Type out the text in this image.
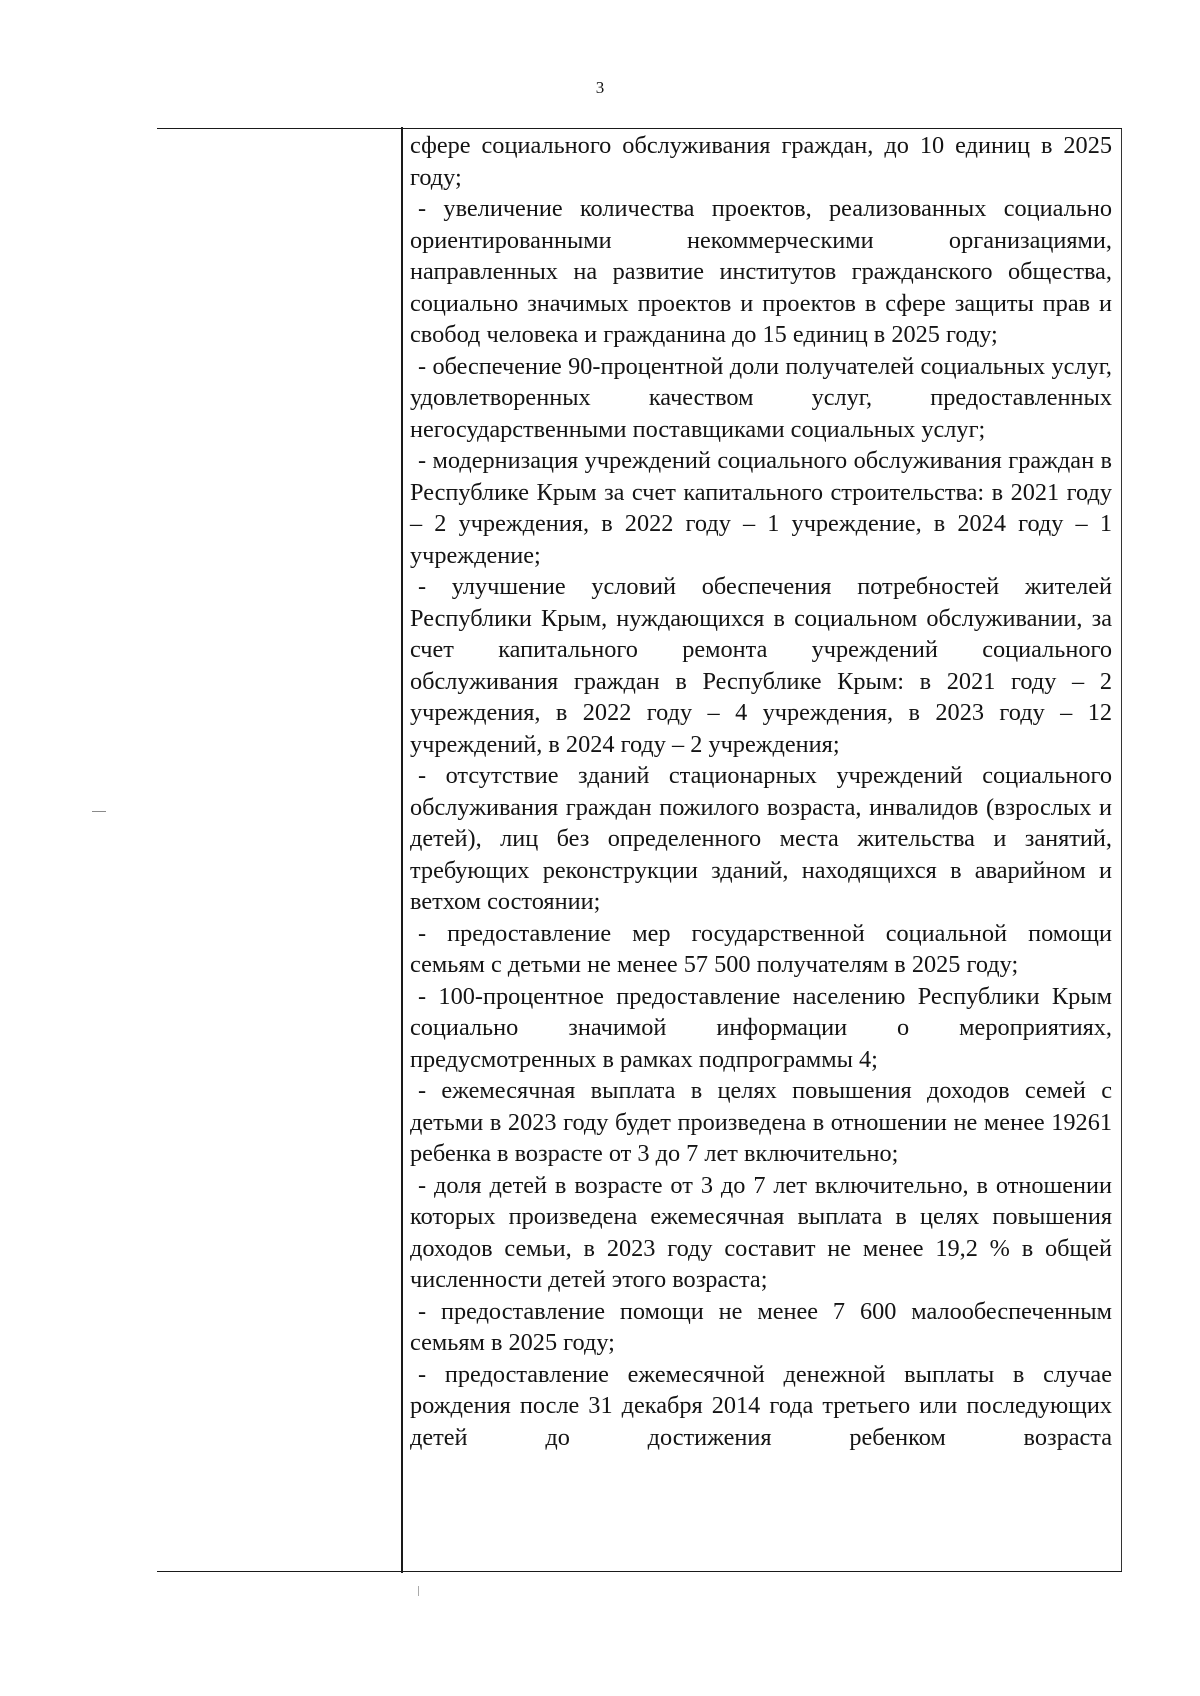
3

сфере социального обслуживания граждан, до 10 единиц в 2025 году;

- увеличение количества проектов, реализованных социально ориентированными некоммерческими организациями, направленных на развитие институтов гражданского общества, социально значимых проектов и проектов в сфере защиты прав и свобод человека и гражданина до 15 единиц в 2025 году;

- обеспечение 90-процентной доли получателей социальных услуг, удовлетворенных качеством услуг, предоставленных негосударственными поставщиками социальных услуг;

- модернизация учреждений социального обслуживания граждан в Республике Крым за счет капитального строительства: в 2021 году – 2 учреждения, в 2022 году – 1 учреждение, в 2024 году – 1 учреждение;

- улучшение условий обеспечения потребностей жителей Республики Крым, нуждающихся в социальном обслуживании, за счет капитального ремонта учреждений социального обслуживания граждан в Республике Крым: в 2021 году – 2 учреждения, в 2022 году – 4 учреждения, в 2023 году – 12 учреждений, в 2024 году – 2 учреждения;

- отсутствие зданий стационарных учреждений социального обслуживания граждан пожилого возраста, инвалидов (взрослых и детей), лиц без определенного места жительства и занятий, требующих реконструкции зданий, находящихся в аварийном и ветхом состоянии;

- предоставление мер государственной социальной помощи семьям с детьми не менее 57 500 получателям в 2025 году;

- 100-процентное предоставление населению Республики Крым социально значимой информации о мероприятиях, предусмотренных в рамках подпрограммы 4;

- ежемесячная выплата в целях повышения доходов семей с детьми в 2023 году будет произведена в отношении не менее 19261 ребенка в возрасте от 3 до 7 лет включительно;

- доля детей в возрасте от 3 до 7 лет включительно, в отношении которых произведена ежемесячная выплата в целях повышения доходов семьи, в 2023 году составит не менее 19,2 % в общей численности детей этого возраста;

- предоставление помощи не менее 7 600 малообеспеченным семьям в 2025 году;

- предоставление ежемесячной денежной выплаты в случае рождения после 31 декабря 2014 года третьего или последующих детей до достижения ребенком возраста
